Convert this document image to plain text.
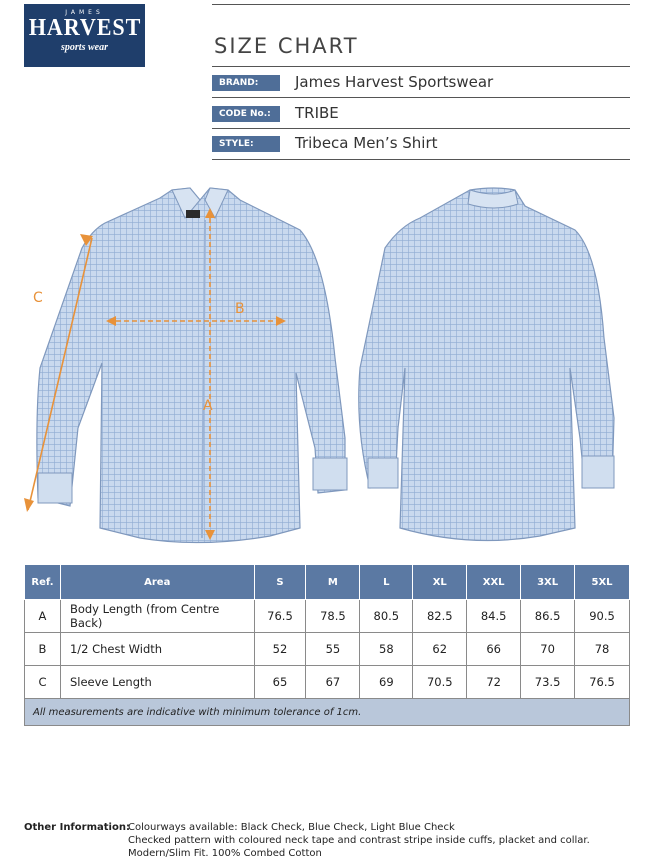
JAMES
HARVEST
sports wear	SIZE CHART
BRAND:	James Harvest Sportswear
CODE No.:	TRIBE
STYLE:	Tribeca Men’s Shirt
A
B
C
Ref.	Area	S	M	L	XL	XXL	3XL	5XL
A	Body Length (from Centre Back)	76.5	78.5	80.5	82.5	84.5	86.5	90.5
B	1/2 Chest Width	52	55	58	62	66	70	78
C	Sleeve Length	65	67	69	70.5	72	73.5	76.5
All measurements are indicative with minimum tolerance of 1cm.								
Other Information:
Colourways available: Black Check, Blue Check, Light Blue Check
Checked pattern with coloured neck tape and contrast stripe inside cuffs, placket and collar.
Modern/Slim Fit. 100% Combed Cotton
